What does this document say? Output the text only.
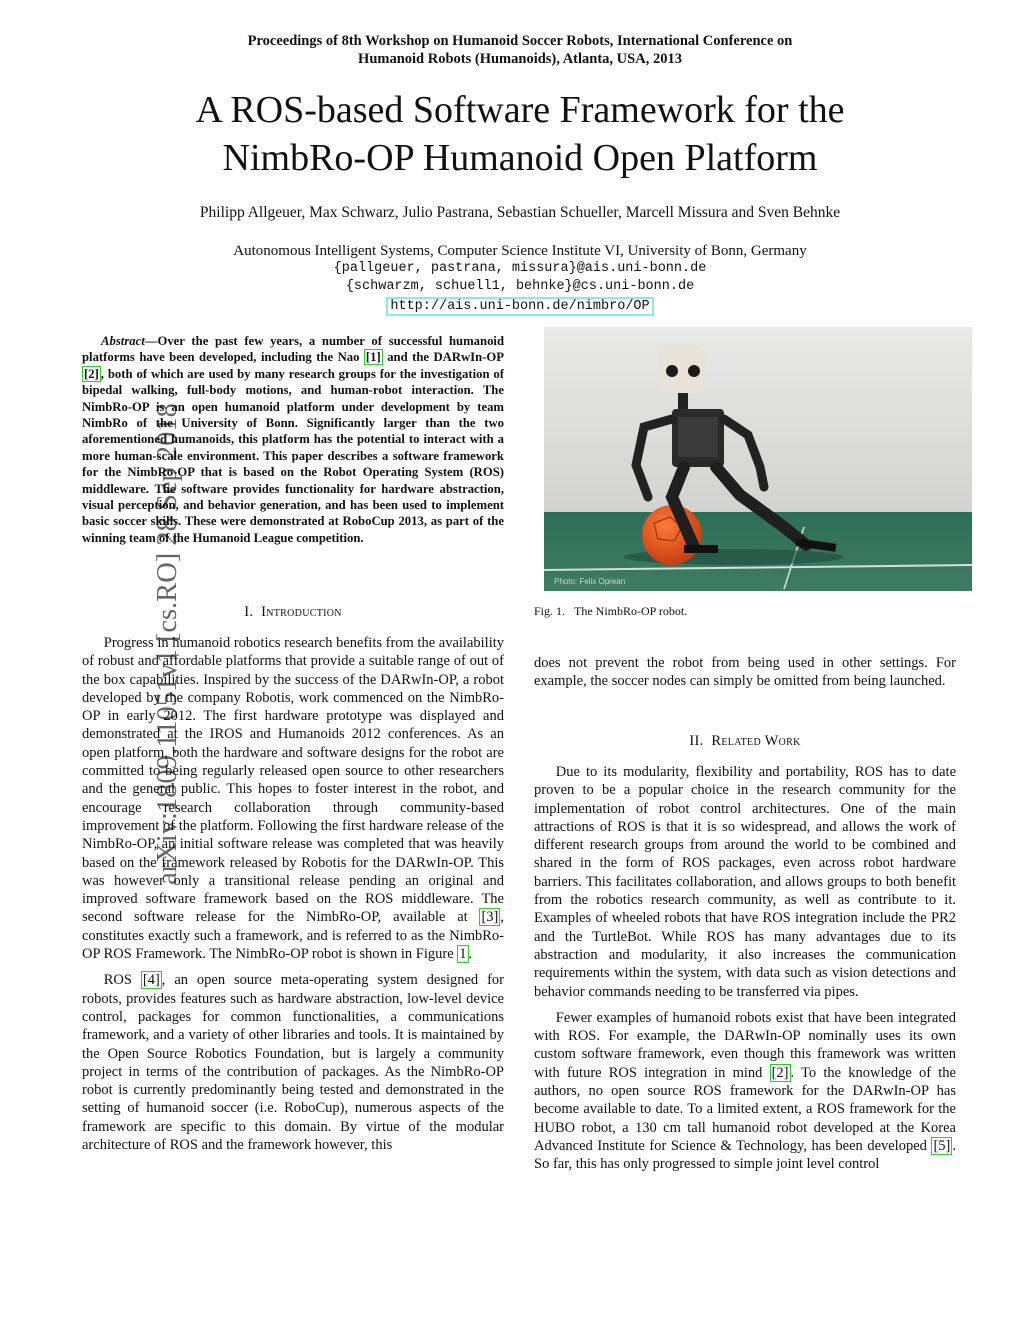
Proceedings of 8th Workshop on Humanoid Soccer Robots, International Conference on
Humanoid Robots (Humanoids), Atlanta, USA, 2013
A ROS-based Software Framework for the
NimbRo-OP Humanoid Open Platform
Philipp Allgeuer, Max Schwarz, Julio Pastrana, Sebastian Schueller, Marcell Missura and Sven Behnke
Autonomous Intelligent Systems, Computer Science Institute VI, University of Bonn, Germany
{pallgeuer, pastrana, missura}@ais.uni-bonn.de
{schwarzm, schuell1, behnke}@cs.uni-bonn.de
http://ais.uni-bonn.de/nimbro/OP
arXiv:1809.11051v1 [cs.RO] 28 Sep 2018

Abstract—Over the past few years, a number of successful humanoid platforms have been developed, including the Nao [1] and the DARwIn-OP [2] , both of which are used by many research groups for the investigation of bipedal walking, full-body motions, and human-robot interaction. The NimbRo-OP is an open humanoid platform under development by team NimbRo of the University of Bonn. Significantly larger than the two aforementioned humanoids, this platform has the potential to interact with a more human-scale environment. This paper describes a software framework for the NimbRo-OP that is based on the Robot Operating System (ROS) middleware. The software provides functionality for hardware abstraction, visual perception, and behavior generation, and has been used to implement basic soccer skills. These were demonstrated at RoboCup 2013, as part of the winning team of the Humanoid League competition.

I. Introduction

Progress in humanoid robotics research benefits from the availability of robust and affordable platforms that provide a suitable range of out of the box capabilities. Inspired by the success of the DARwIn-OP, a robot developed by the company Robotis, work commenced on the NimbRo-OP in early 2012. The first hardware prototype was displayed and demonstrated at the IROS and Humanoids 2012 conferences. As an open platform, both the hardware and software designs for the robot are committed to being regularly released open source to other researchers and the general public. This hopes to foster interest in the robot, and encourage research collaboration through community-based improvement of the platform. Following the first hardware release of the NimbRo-OP, an initial software release was completed that was heavily based on the framework released by Robotis for the DARwIn-OP. This was however only a transitional release pending an original and improved software framework based on the ROS middleware. The second software release for the NimbRo-OP, available at [3] , constitutes exactly such a framework, and is referred to as the NimbRo-OP ROS Framework. The NimbRo-OP robot is shown in Figure 1 .

ROS [4] , an open source meta-operating system designed for robots, provides features such as hardware abstraction, low-level device control, packages for common functionalities, a communications framework, and a variety of other libraries and tools. It is maintained by the Open Source Robotics Foundation, but is largely a community project in terms of the contribution of packages. As the NimbRo-OP robot is currently predominantly being tested and demonstrated in the setting of humanoid soccer (i.e. RoboCup), numerous aspects of the framework are specific to this domain. By virtue of the modular architecture of ROS and the framework however, this

Photo: Felix Oprean
Fig. 1. The NimbRo-OP robot.

does not prevent the robot from being used in other settings. For example, the soccer nodes can simply be omitted from being launched.

II. Related Work

Due to its modularity, flexibility and portability, ROS has to date proven to be a popular choice in the research community for the implementation of robot control architectures. One of the main attractions of ROS is that it is so widespread, and allows the work of different research groups from around the world to be combined and shared in the form of ROS packages, even across robot hardware barriers. This facilitates collaboration, and allows groups to both benefit from the robotics research community, as well as contribute to it. Examples of wheeled robots that have ROS integration include the PR2 and the TurtleBot. While ROS has many advantages due to its abstraction and modularity, it also increases the communication requirements within the system, with data such as vision detections and behavior commands needing to be transferred via pipes.

Fewer examples of humanoid robots exist that have been integrated with ROS. For example, the DARwIn-OP nominally uses its own custom software framework, even though this framework was written with future ROS integration in mind [2] . To the knowledge of the authors, no open source ROS framework for the DARwIn-OP has become available to date. To a limited extent, a ROS framework for the HUBO robot, a 130 cm tall humanoid robot developed at the Korea Advanced Institute for Science & Technology, has been developed [5] . So far, this has only progressed to simple joint level control
